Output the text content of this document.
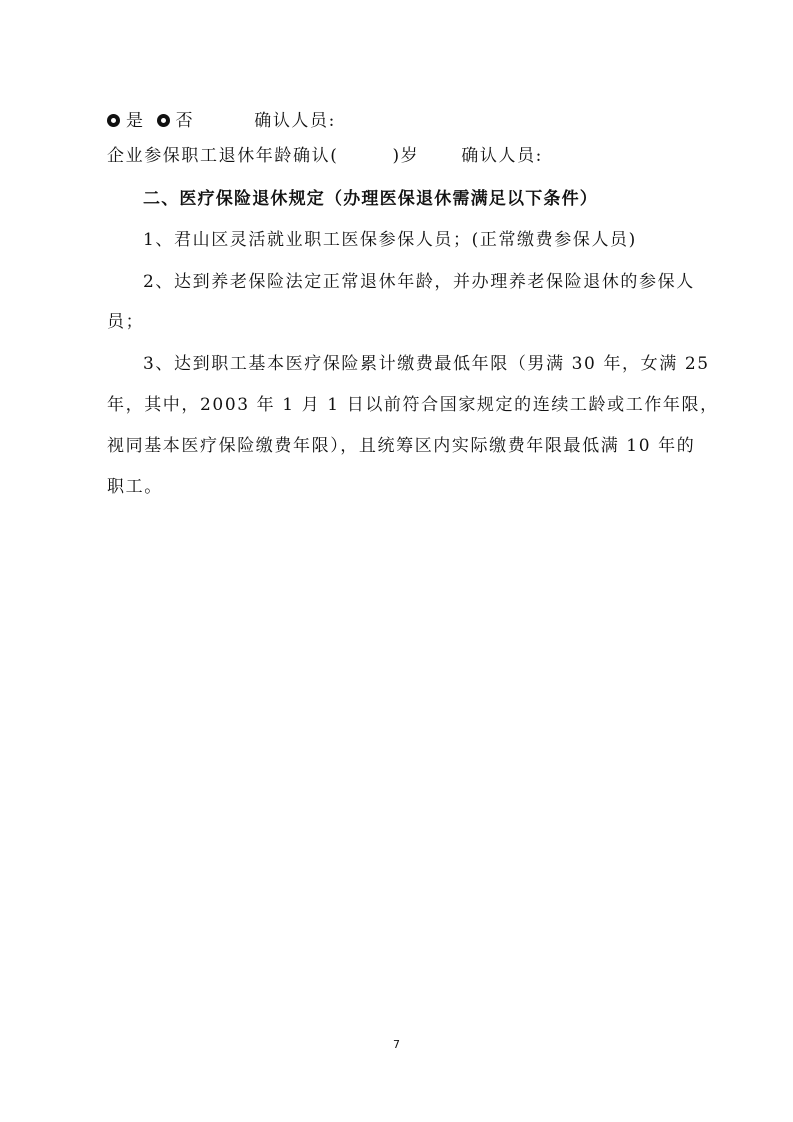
是 否	确认人员:
企业参保职工退休年龄确认(	)岁 确认人员:
二、医疗保险退休规定（办理医保退休需满足以下条件）
1、君山区灵活就业职工医保参保人员；(正常缴费参保人员)
2、达到养老保险法定正常退休年龄，并办理养老保险退休的参保人
员；
3、达到职工基本医疗保险累计缴费最低年限（男满 30 年，女满 25
年，其中，2003 年 1 月 1 日以前符合国家规定的连续工龄或工作年限，
视同基本医疗保险缴费年限），且统筹区内实际缴费年限最低满 10 年的
职工。
7
